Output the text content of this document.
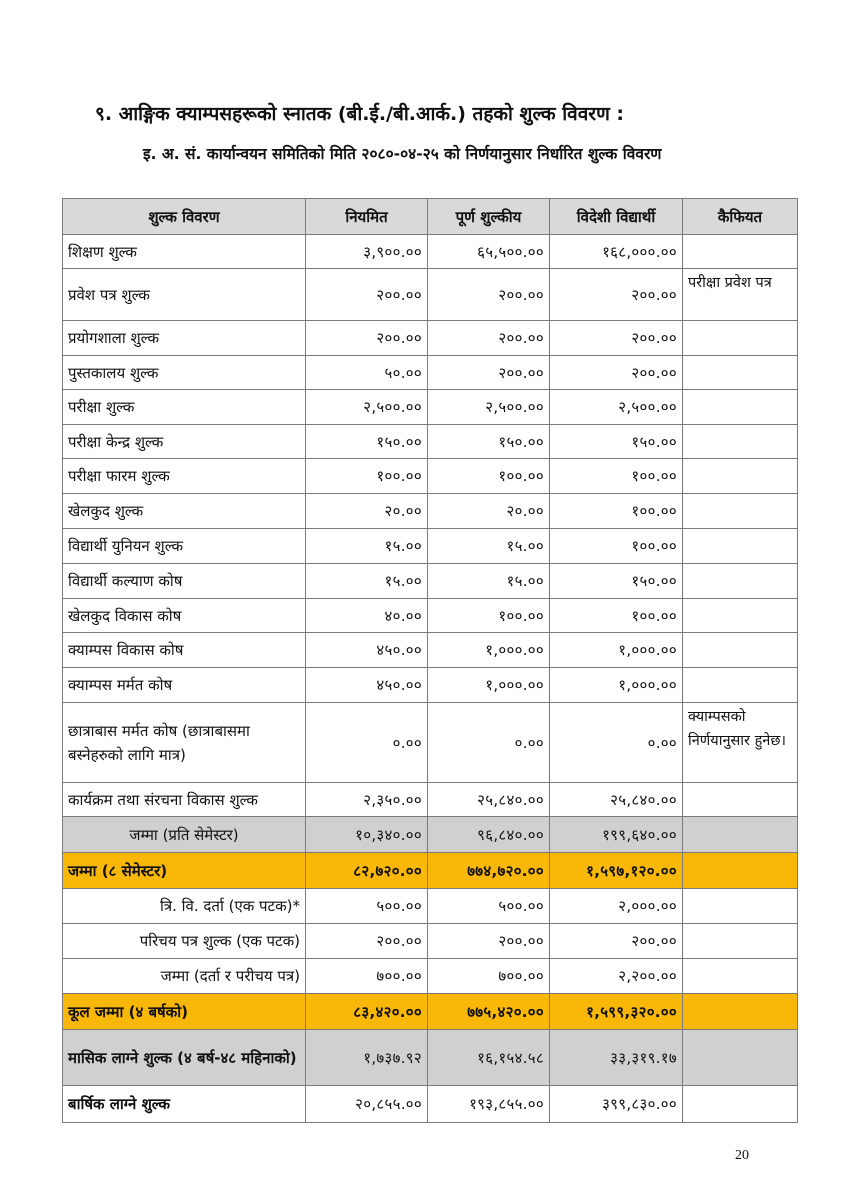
९. आङ्गिक क्याम्पसहरूको स्नातक (बी.ई./बी.आर्क.) तहको शुल्क विवरण :
इ. अ. सं. कार्यान्वयन समितिको मिति २०८०-०४-२५ को निर्णयानुसार निर्धारित शुल्क विवरण
शुल्क विवरण	नियमित	पूर्ण शुल्कीय	विदेशी विद्यार्थी	कैफियत
शिक्षण शुल्क	३,९००.००	६५,५००.००	१६८,०००.००	
प्रवेश पत्र शुल्क	२००.००	२००.००	२००.००	परीक्षा प्रवेश पत्र
प्रयोगशाला शुल्क	२००.००	२००.००	२००.००	
पुस्तकालय शुल्क	५०.००	२००.००	२००.००	
परीक्षा शुल्क	२,५००.००	२,५००.००	२,५००.००	
परीक्षा केन्द्र शुल्क	१५०.००	१५०.००	१५०.००	
परीक्षा फारम शुल्क	१००.००	१००.००	१००.००	
खेलकुद शुल्क	२०.००	२०.००	१००.००	
विद्यार्थी युनियन शुल्क	१५.००	१५.००	१००.००	
विद्यार्थी कल्याण कोष	१५.००	१५.००	१५०.००	
खेलकुद विकास कोष	४०.००	१००.००	१००.००	
क्याम्पस विकास कोष	४५०.००	१,०००.००	१,०००.००	
क्याम्पस मर्मत कोष	४५०.००	१,०००.००	१,०००.००	
छात्राबास मर्मत कोष (छात्राबासमा बस्नेहरुको लागि मात्र)	०.००	०.००	०.००	क्याम्पसको निर्णयानुसार हुनेछ।
कार्यक्रम तथा संरचना विकास शुल्क	२,३५०.००	२५,८४०.००	२५,८४०.००	
जम्मा (प्रति सेमेस्टर)	१०,३४०.००	९६,८४०.००	१९९,६४०.००	
जम्मा (८ सेमेस्टर)	८२,७२०.००	७७४,७२०.००	१,५९७,१२०.००	
त्रि. वि. दर्ता (एक पटक)*	५००.००	५००.००	२,०००.००	
परिचय पत्र शुल्क (एक पटक)	२००.००	२००.००	२००.००	
जम्मा (दर्ता र परीचय पत्र)	७००.००	७००.००	२,२००.००	
कूल जम्मा (४ बर्षको)	८३,४२०.००	७७५,४२०.००	१,५९९,३२०.००	
मासिक लाग्ने शुल्क (४ बर्ष-४८ महिनाको)	१,७३७.९२	१६,१५४.५८	३३,३१९.१७	
बार्षिक लाग्ने शुल्क	२०,८५५.००	१९३,८५५.००	३९९,८३०.००	
20
